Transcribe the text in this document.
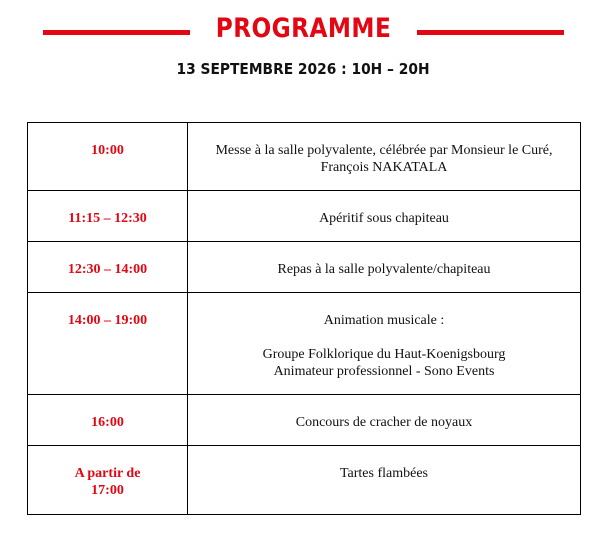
PROGRAMME
13 SEPTEMBRE 2026 : 10H – 20H
10:00	Messe à la salle polyvalente, célébrée par Monsieur le Curé, François NAKATALA

11:15 – 12:30	Apéritif sous chapiteau

12:30 – 14:00	Repas à la salle polyvalente/chapiteau

14:00 – 19:00	Animation musicale :
Groupe Folklorique du Haut-Koenigsbourg
Animateur professionnel - Sono Events

16:00	Concours de cracher de noyaux

A partir de 17:00	Tartes flambées
